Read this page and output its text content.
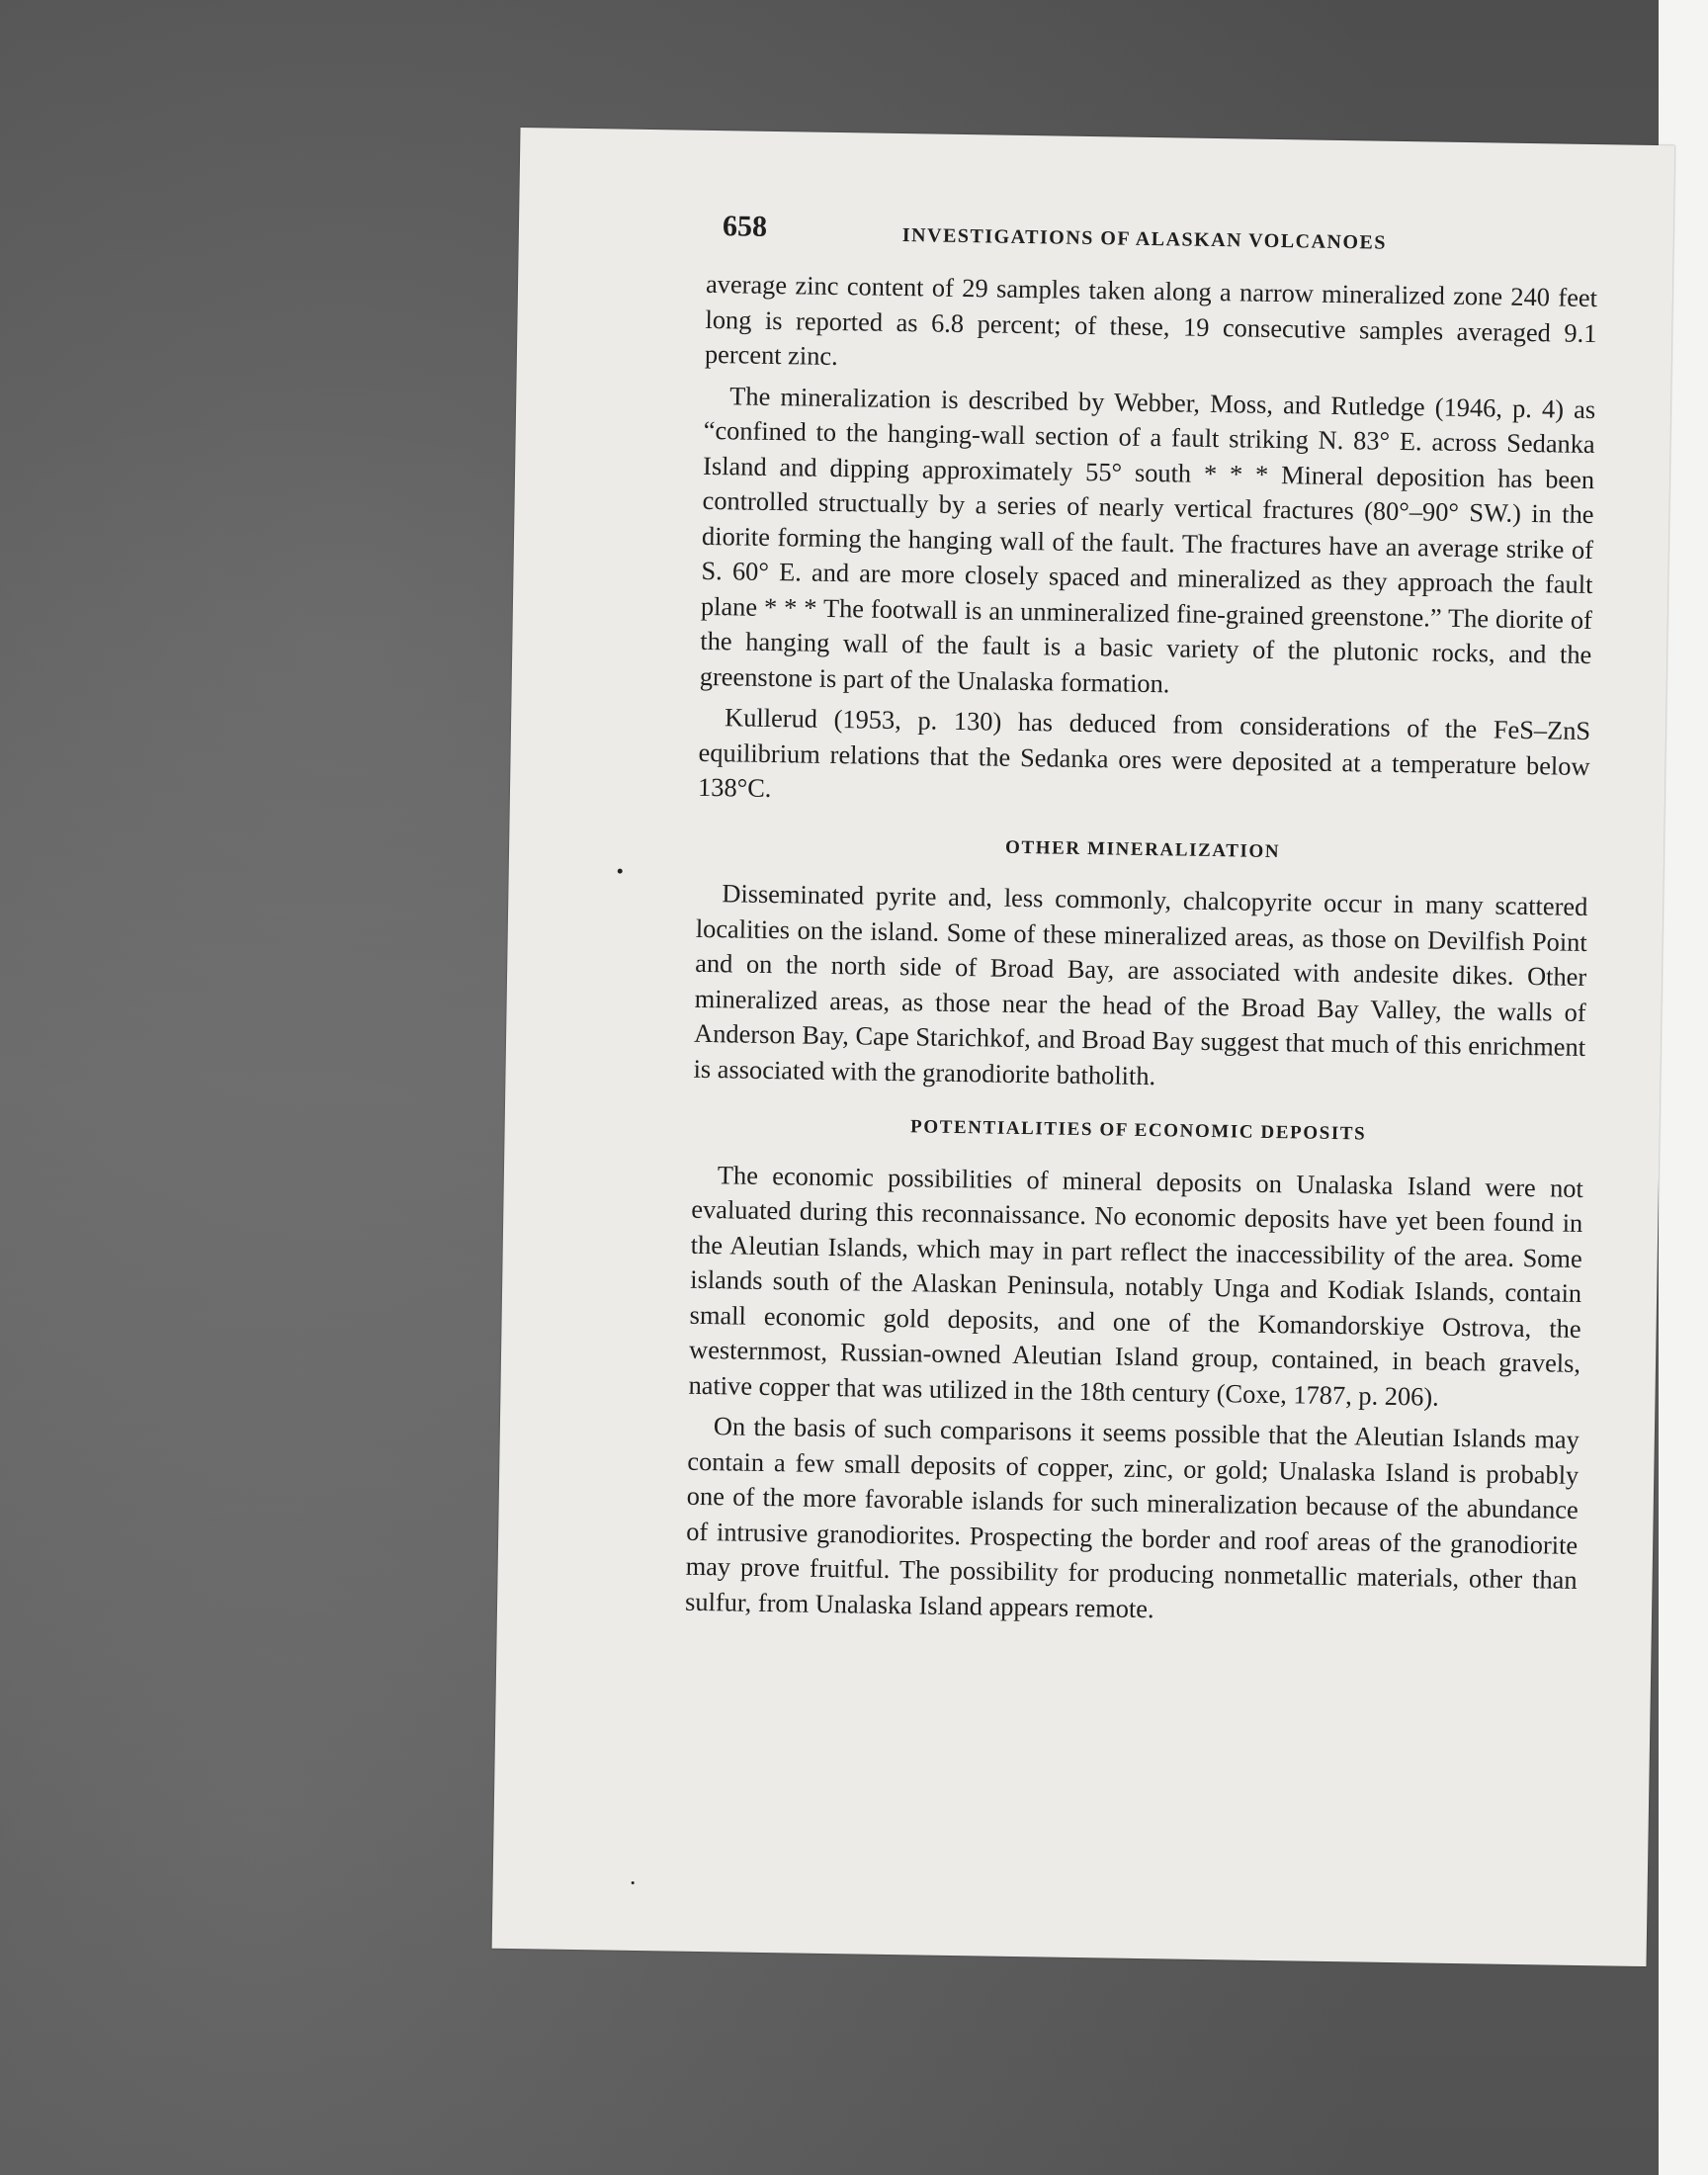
658	INVESTIGATIONS OF ALASKAN VOLCANOES

average zinc content of 29 samples taken along a narrow mineralized zone 240 feet long is reported as 6.8 percent; of these, 19 consecutive samples averaged 9.1 percent zinc.

The mineralization is described by Webber, Moss, and Rutledge (1946, p. 4) as “confined to the hanging-wall section of a fault striking N. 83° E. across Sedanka Island and dipping approximately 55° south * * * Mineral deposition has been controlled structually by a series of nearly vertical fractures (80°–90° SW.) in the diorite forming the hanging wall of the fault. The fractures have an average strike of S. 60° E. and are more closely spaced and mineralized as they approach the fault plane * * * The footwall is an unmineralized fine-grained greenstone.” The diorite of the hanging wall of the fault is a basic variety of the plutonic rocks, and the greenstone is part of the Unalaska formation.

Kullerud (1953, p. 130) has deduced from considerations of the FeS–ZnS equilibrium relations that the Sedanka ores were deposited at a temperature below 138°C.

OTHER MINERALIZATION

Disseminated pyrite and, less commonly, chalcopyrite occur in many scattered localities on the island. Some of these mineralized areas, as those on Devilfish Point and on the north side of Broad Bay, are associated with andesite dikes. Other mineralized areas, as those near the head of the Broad Bay Valley, the walls of Anderson Bay, Cape Starichkof, and Broad Bay suggest that much of this enrichment is associated with the granodiorite batholith.

POTENTIALITIES OF ECONOMIC DEPOSITS

The economic possibilities of mineral deposits on Unalaska Island were not evaluated during this reconnaissance. No economic deposits have yet been found in the Aleutian Islands, which may in part reflect the inaccessibility of the area. Some islands south of the Alaskan Peninsula, notably Unga and Kodiak Islands, contain small economic gold deposits, and one of the Komandorskiye Ostrova, the westernmost, Russian-owned Aleutian Island group, contained, in beach gravels, native copper that was utilized in the 18th century (Coxe, 1787, p. 206).

On the basis of such comparisons it seems possible that the Aleutian Islands may contain a few small deposits of copper, zinc, or gold; Unalaska Island is probably one of the more favorable islands for such mineralization because of the abundance of intrusive granodiorites. Prospecting the border and roof areas of the granodiorite may prove fruitful. The possibility for producing nonmetallic materials, other than sulfur, from Unalaska Island appears remote.
